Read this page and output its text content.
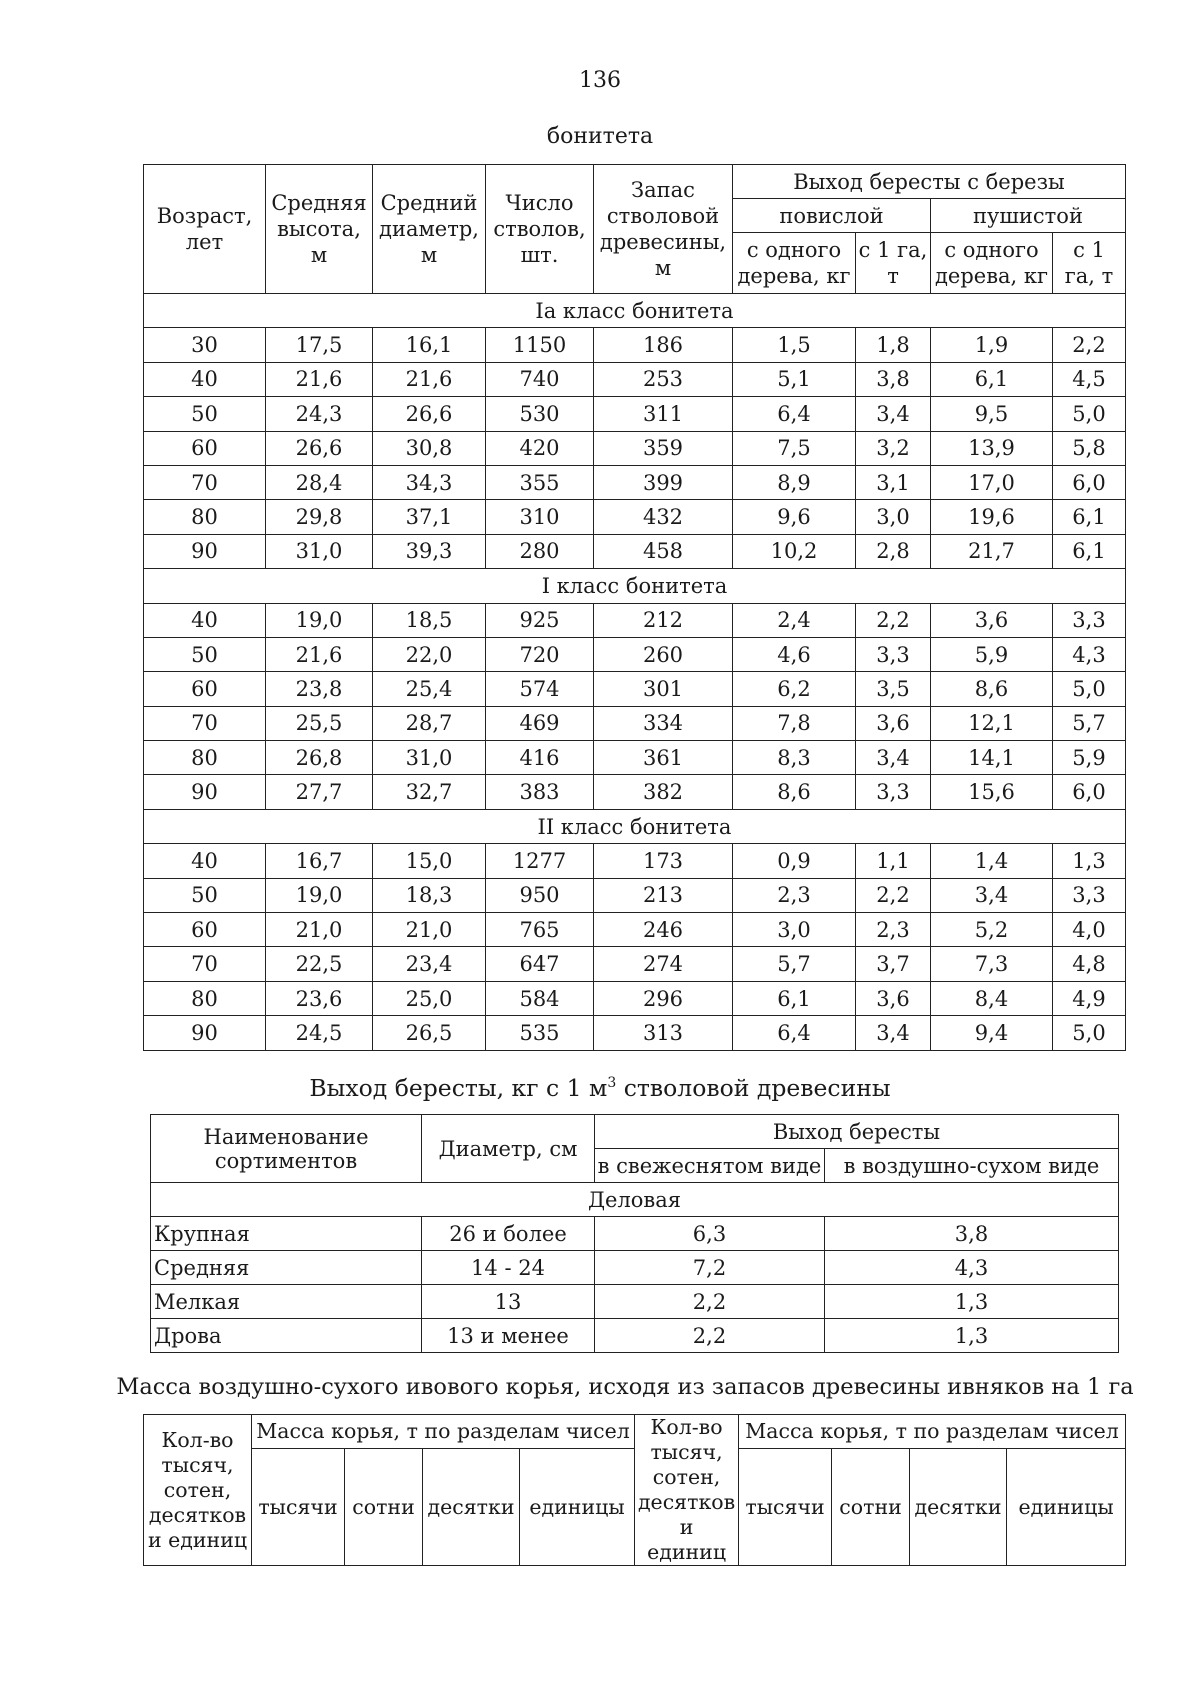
136
бонитета
Возраст, лет	Средняя высота, м	Средний диаметр, м	Число стволов, шт.	Запас стволовой древесины, м	Выход бересты с березы			
					повислой		пушистой	
					с одного дерева, кг	с 1 га, т	с одного дерева, кг	с 1 га, т
Iа класс бонитета								
30	17,5	16,1	1150	186	1,5	1,8	1,9	2,2
40	21,6	21,6	740	253	5,1	3,8	6,1	4,5
50	24,3	26,6	530	311	6,4	3,4	9,5	5,0
60	26,6	30,8	420	359	7,5	3,2	13,9	5,8
70	28,4	34,3	355	399	8,9	3,1	17,0	6,0
80	29,8	37,1	310	432	9,6	3,0	19,6	6,1
90	31,0	39,3	280	458	10,2	2,8	21,7	6,1
I класс бонитета								
40	19,0	18,5	925	212	2,4	2,2	3,6	3,3
50	21,6	22,0	720	260	4,6	3,3	5,9	4,3
60	23,8	25,4	574	301	6,2	3,5	8,6	5,0
70	25,5	28,7	469	334	7,8	3,6	12,1	5,7
80	26,8	31,0	416	361	8,3	3,4	14,1	5,9
90	27,7	32,7	383	382	8,6	3,3	15,6	6,0
II класс бонитета								
40	16,7	15,0	1277	173	0,9	1,1	1,4	1,3
50	19,0	18,3	950	213	2,3	2,2	3,4	3,3
60	21,0	21,0	765	246	3,0	2,3	5,2	4,0
70	22,5	23,4	647	274	5,7	3,7	7,3	4,8
80	23,6	25,0	584	296	6,1	3,6	8,4	4,9
90	24,5	26,5	535	313	6,4	3,4	9,4	5,0
Выход бересты, кг с 1 $м^3$ стволовой древесины
Наименование сортиментов	Диаметр, см	Выход бересты	
		в свежеснятом виде	в воздушно-сухом виде
Деловая			
Крупная	26 и более	6,3	3,8
Средняя	14 - 24	7,2	4,3
Мелкая	13	2,2	1,3
Дрова	13 и менее	2,2	1,3
Масса воздушно-сухого ивового корья, исходя из запасов древесины ивняков на 1 га
Кол-во тысяч, сотен, десятков и единиц	Масса корья, т по разделам чисел				Кол-во тысяч, сотен, десятков и единиц	Масса корья, т по разделам чисел			
	тысячи	сотни	десятки	единицы		тысячи	сотни	десятки	единицы
